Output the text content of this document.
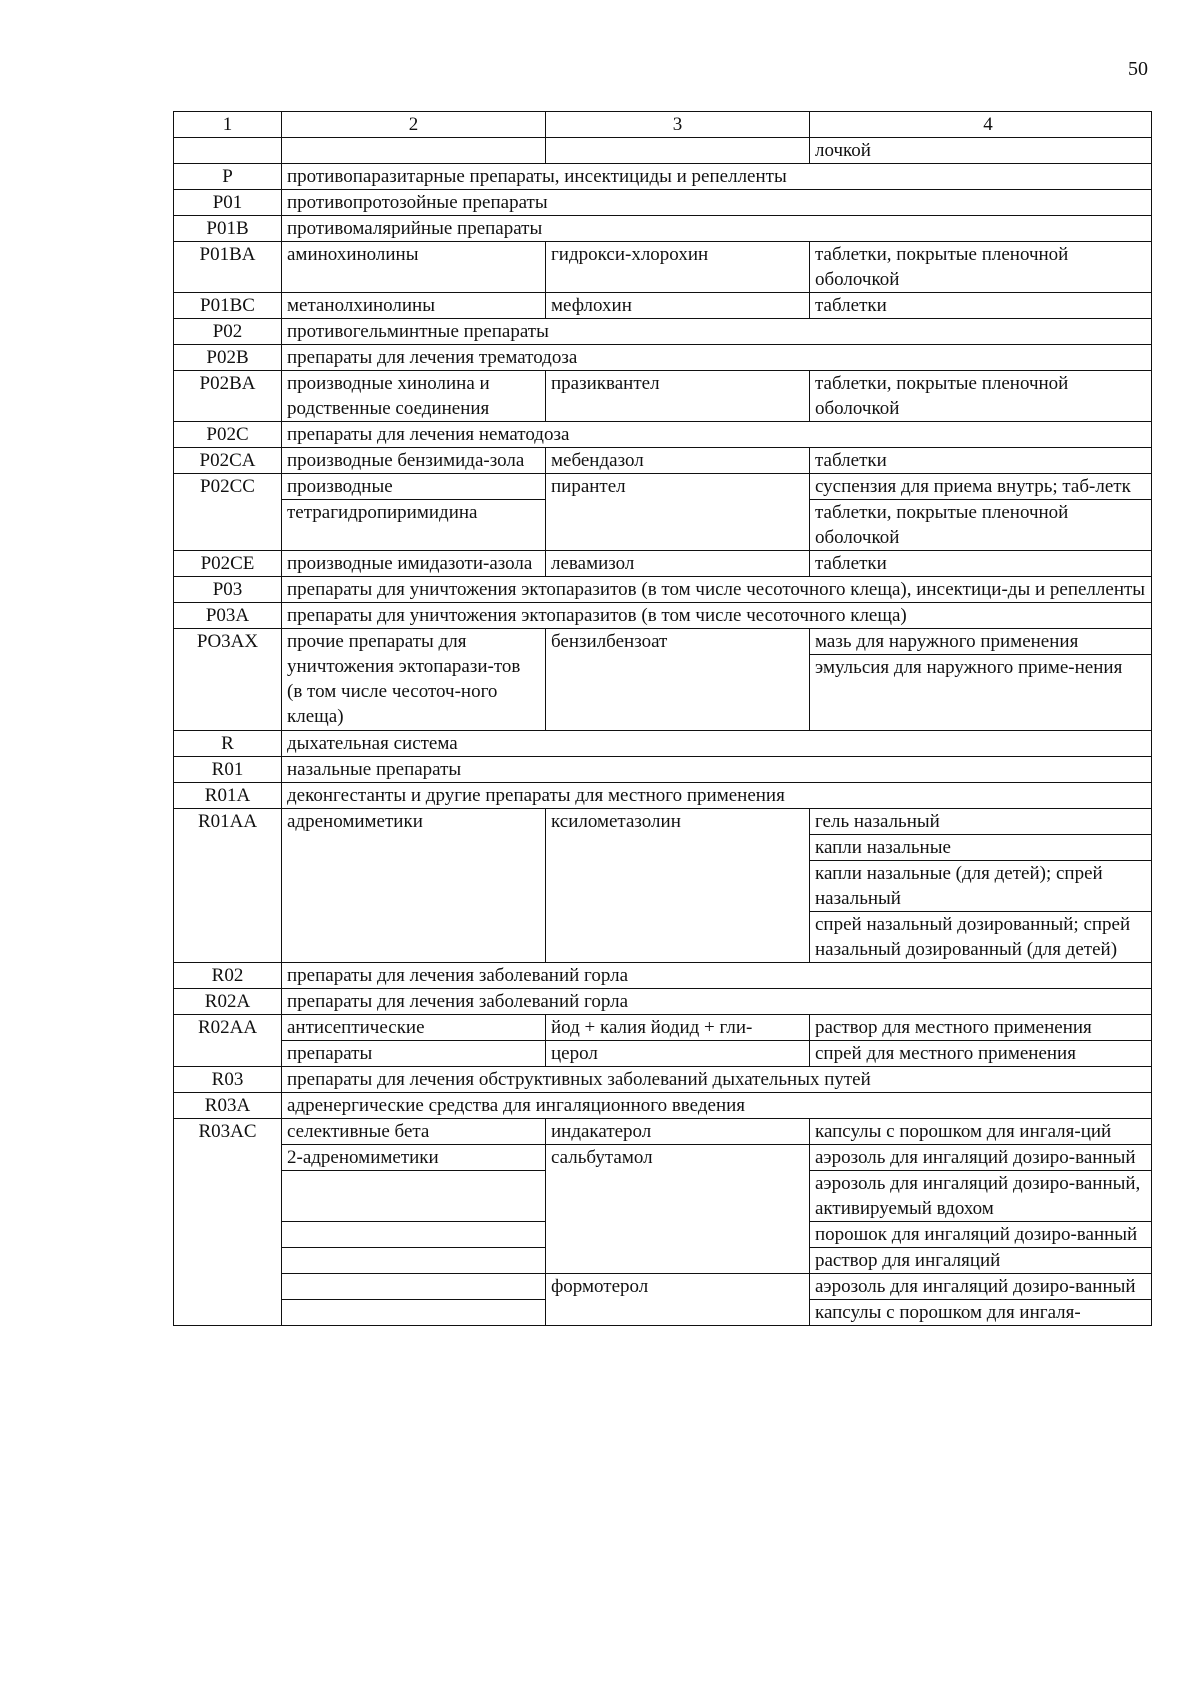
50
1	2	3	4
			лочкой
P	противопаразитарные препараты, инсектициды и репелленты		
P01	противопротозойные препараты		
P01B	противомалярийные препараты		
P01BA	аминохинолины	гидрокси-хлорохин	таблетки, покрытые пленочной оболочкой
P01BC	метанолхинолины	мефлохин	таблетки
P02	противогельминтные препараты		
P02B	препараты для лечения трематодоза		
P02BA	производные хинолина и родственные соединения	празиквантел	таблетки, покрытые пленочной оболочкой
P02C	препараты для лечения нематодоза		
P02CA	производные бензимида-зола	мебендазол	таблетки
P02CC	производные	пирантел	суспензия для приема внутрь; таб-летк
	тетрагидропиримидина		таблетки, покрытые пленочной оболочкой
P02CE	производные имидазоти-азола	левамизол	таблетки
P03	препараты для уничтожения эктопаразитов (в том числе чесоточного клеща), инсектици-ды и репелленты		
P03A	препараты для уничтожения эктопаразитов (в том числе чесоточного клеща)		
PO3AX	прочие препараты для уничтожения эктопарази-тов (в том числе чесоточ-ного клеща)	бензилбензоат	мазь для наружного применения
			эмульсия для наружного приме-нения
R	дыхательная система		
R01	назальные препараты		
R01A	деконгестанты и другие препараты для местного применения		
R01AA	адреномиметики	ксилометазолин	гель назальный
			капли назальные
			капли назальные (для детей); спрей назальный
			спрей назальный дозированный; спрей назальный дозированный (для детей)
R02	препараты для лечения заболеваний горла		
R02A	препараты для лечения заболеваний горла		
R02AA	антисептические	йод + калия йодид + гли-	раствор для местного применения
	препараты	церол	спрей для местного применения
R03	препараты для лечения обструктивных заболеваний дыхательных путей		
R03A	адренергические средства для ингаляционного введения		
R03AC	селективные бета	индакатерол	капсулы с порошком для ингаля-ций
	2-адреномиметики	сальбутамол	аэрозоль для ингаляций дозиро-ванный
			аэрозоль для ингаляций дозиро-ванный, активируемый вдохом
			порошок для ингаляций дозиро-ванный
			раствор для ингаляций
		формотерол	аэрозоль для ингаляций дозиро-ванный
			капсулы с порошком для ингаля-
